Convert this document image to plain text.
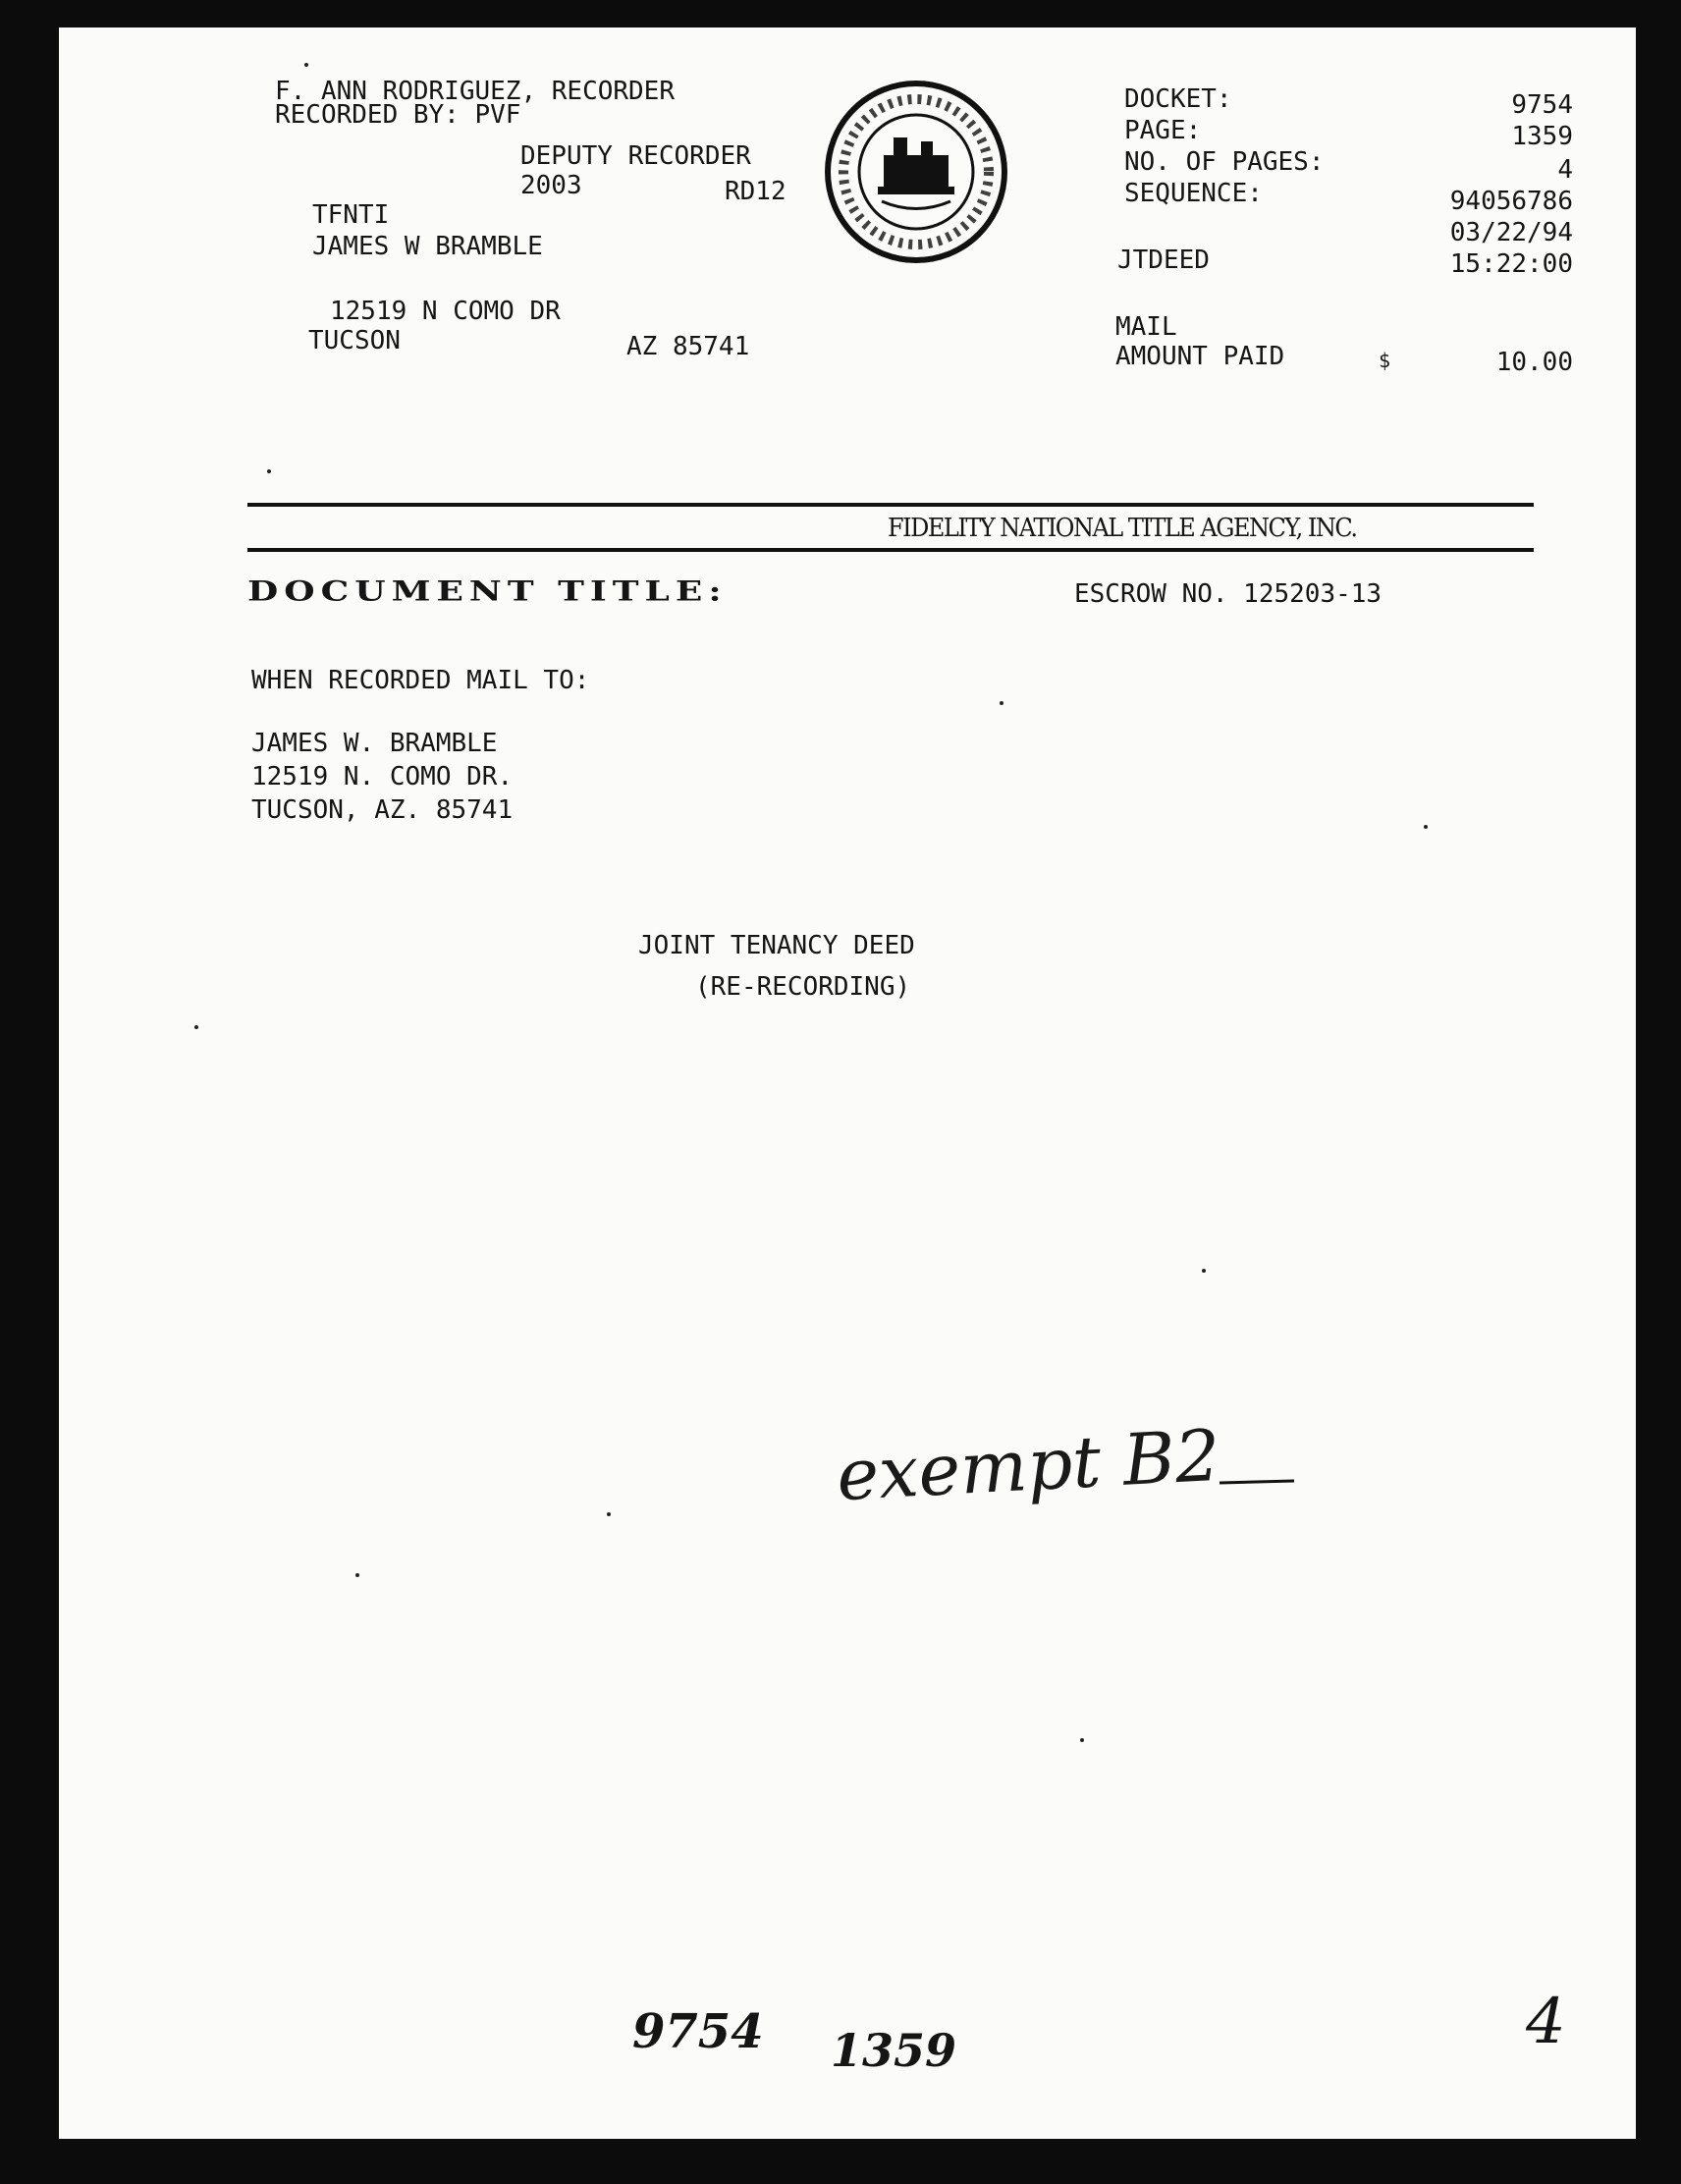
F. ANN RODRIGUEZ, RECORDER
RECORDED BY: PVF
DEPUTY RECORDER
2003	RD12
TFNTI
JAMES W BRAMBLE
12519 N COMO DR
TUCSON	AZ 85741
DOCKET:	9754
PAGE:	1359
NO. OF PAGES:	4
SEQUENCE:	94056786
03/22/94
JTDEED	15:22:00
MAIL
AMOUNT PAID	$	10.00
FIDELITY NATIONAL TITLE AGENCY, INC.
DOCUMENT TITLE:	ESCROW NO. 125203-13
WHEN RECORDED MAIL TO:
JAMES W. BRAMBLE
12519 N. COMO DR.
TUCSON, AZ. 85741
JOINT TENANCY DEED
(RE-RECORDING)
exempt B2
9754 1359	4
